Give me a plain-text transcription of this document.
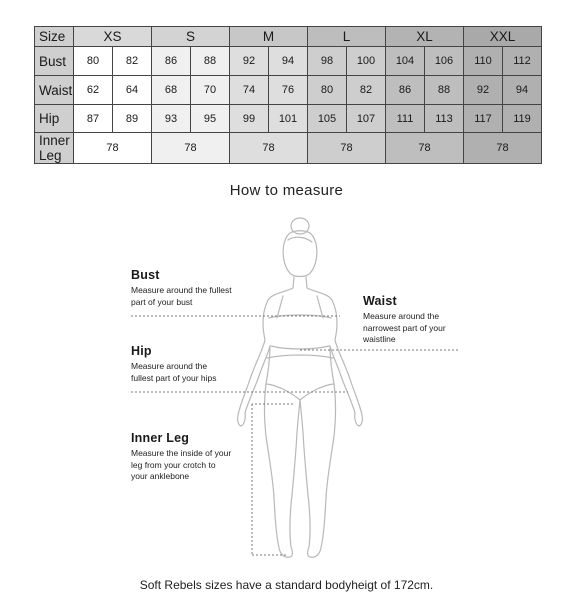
Size	XS		S		M		L		XL		XXL	
Bust	80	82	86	88	92	94	98	100	104	106	110	112
Waist	62	64	68	70	74	76	80	82	86	88	92	94
Hip	87	89	93	95	99	101	105	107	111	113	117	119
Inner Leg	78		78		78		78		78		78	
How to measure
Bust
Measure around the fullest
part of your bust	Waist
Measure around the
narrowest part of your
waistline
Hip
Measure around the
fullest part of your hips
Inner Leg
Measure the inside of your
leg from your crotch to
your anklebone
Soft Rebels sizes have a standard bodyheigt of 172cm.
